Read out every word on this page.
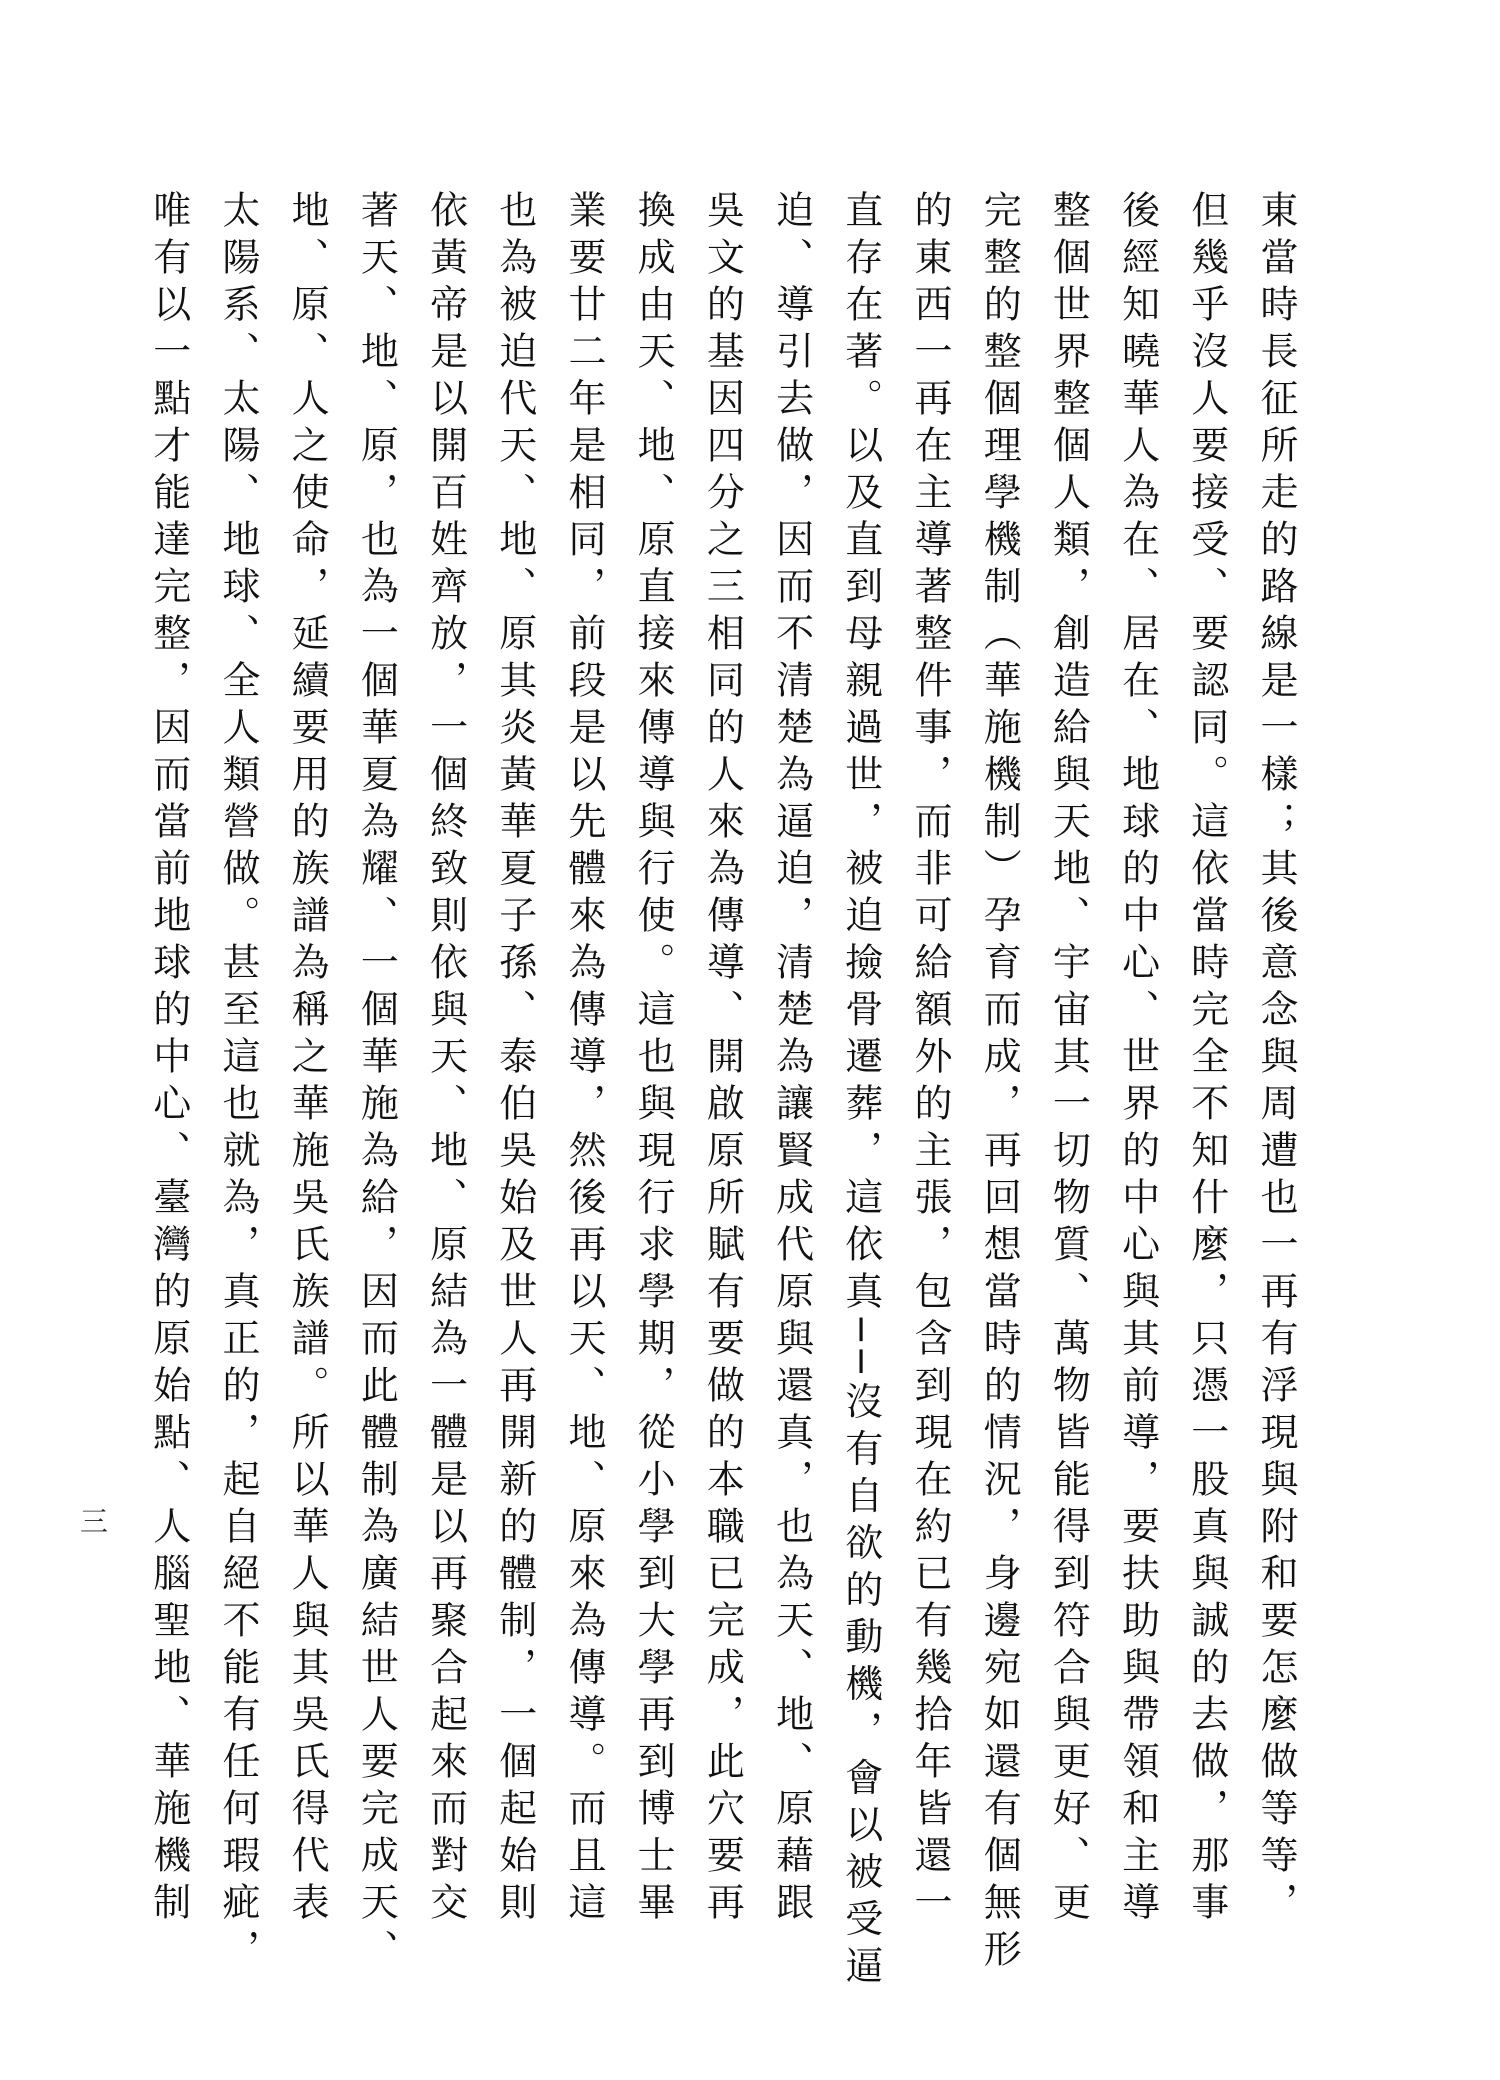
東當時長征所走的路線是一樣；其後意念與周遭也一再有浮現與附和要怎麼做等等，

但幾乎沒人要接受、要認同。這依當時完全不知什麼，只憑一股真與誠的去做，那事

後經知曉華人為在、居在、地球的中心、世界的中心與其前導，要扶助與帶領和主導

整個世界整個人類，創造給與天地、宇宙其一切物質、萬物皆能得到符合與更好、更

完整的整個理學機制（華施機制）孕育而成，再回想當時的情況，身邊宛如還有個無形

的東西一再在主導著整件事，而非可給額外的主張，包含到現在約已有幾拾年皆還一

直存在著。以及直到母親過世，被迫撿骨遷葬，這依真──沒有自欲的動機，會以被受逼

迫、導引去做，因而不清楚為逼迫，清楚為讓賢成代原與還真，也為天、地、原藉跟

吳文的基因四分之三相同的人來為傳導、開啟原所賦有要做的本職已完成，此穴要再

換成由天、地、原直接來傳導與行使。這也與現行求學期，從小學到大學再到博士畢

業要廿二年是相同，前段是以先體來為傳導，然後再以天、地、原來為傳導。而且這

也為被迫代天、地、原其炎黃華夏子孫、泰伯吳始及世人再開新的體制，一個起始則

依黃帝是以開百姓齊放，一個終致則依與天、地、原結為一體是以再聚合起來而對交

著天、地、原，也為一個華夏為耀、一個華施為給，因而此體制為廣結世人要完成天、

地、原、人之使命，延續要用的族譜為稱之華施吳氏族譜。所以華人與其吳氏得代表

太陽系、太陽、地球、全人類營做。甚至這也就為，真正的，起自絕不能有任何瑕疵，

唯有以一點才能達完整，因而當前地球的中心、臺灣的原始點、人腦聖地、華施機制

三
